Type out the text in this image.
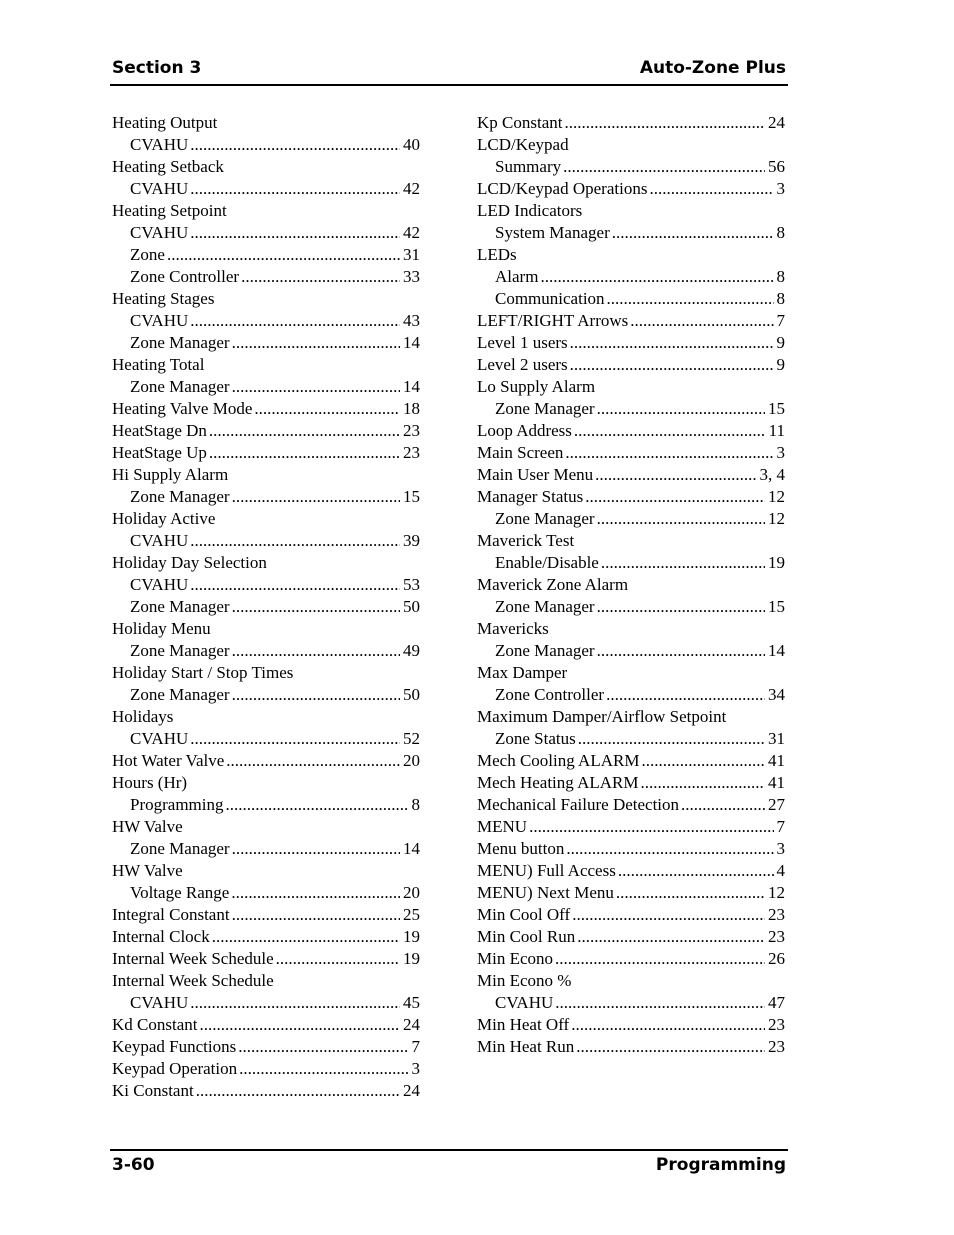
Section 3	Auto-Zone Plus
Heating Output
CVAHU .....	40
Heating Setback
CVAHU .....	42
Heating Setpoint
CVAHU .....	42
Zone .....	31
Zone Controller .....	33
Heating Stages
CVAHU .....	43
Zone Manager .....	14
Heating Total
Zone Manager .....	14
Heating Valve Mode .....	18
HeatStage Dn .....	23
HeatStage Up .....	23
Hi Supply Alarm
Zone Manager .....	15
Holiday Active
CVAHU .....	39
Holiday Day Selection
CVAHU .....	53
Zone Manager .....	50
Holiday Menu
Zone Manager .....	49
Holiday Start / Stop Times
Zone Manager .....	50
Holidays
CVAHU .....	52
Hot Water Valve .....	20
Hours (Hr)
Programming .....	8
HW Valve
Zone Manager .....	14
HW Valve
Voltage Range .....	20
Integral Constant .....	25
Internal Clock .....	19
Internal Week Schedule .....	19
Internal Week Schedule
CVAHU .....	45
Kd Constant .....	24
Keypad Functions .....	7
Keypad Operation .....	3
Ki Constant .....	24
Kp Constant .....	24
LCD/Keypad
Summary .....	56
LCD/Keypad Operations .....	3
LED Indicators
System Manager .....	8
LEDs
Alarm .....	8
Communication .....	8
LEFT/RIGHT Arrows .....	7
Level 1 users .....	9
Level 2 users .....	9
Lo Supply Alarm
Zone Manager .....	15
Loop Address .....	11
Main Screen .....	3
Main User Menu .....	3, 4
Manager Status .....	12
Zone Manager .....	12
Maverick Test
Enable/Disable .....	19
Maverick Zone Alarm
Zone Manager .....	15
Mavericks
Zone Manager .....	14
Max Damper
Zone Controller .....	34
Maximum Damper/Airflow Setpoint
Zone Status .....	31
Mech Cooling ALARM .....	41
Mech Heating ALARM .....	41
Mechanical Failure Detection .....	27
MENU .....	7
Menu button .....	3
MENU) Full Access .....	4
MENU) Next Menu .....	12
Min Cool Off .....	23
Min Cool Run .....	23
Min Econo .....	26
Min Econo %
CVAHU .....	47
Min Heat Off .....	23
Min Heat Run .....	23
3-60	Programming
